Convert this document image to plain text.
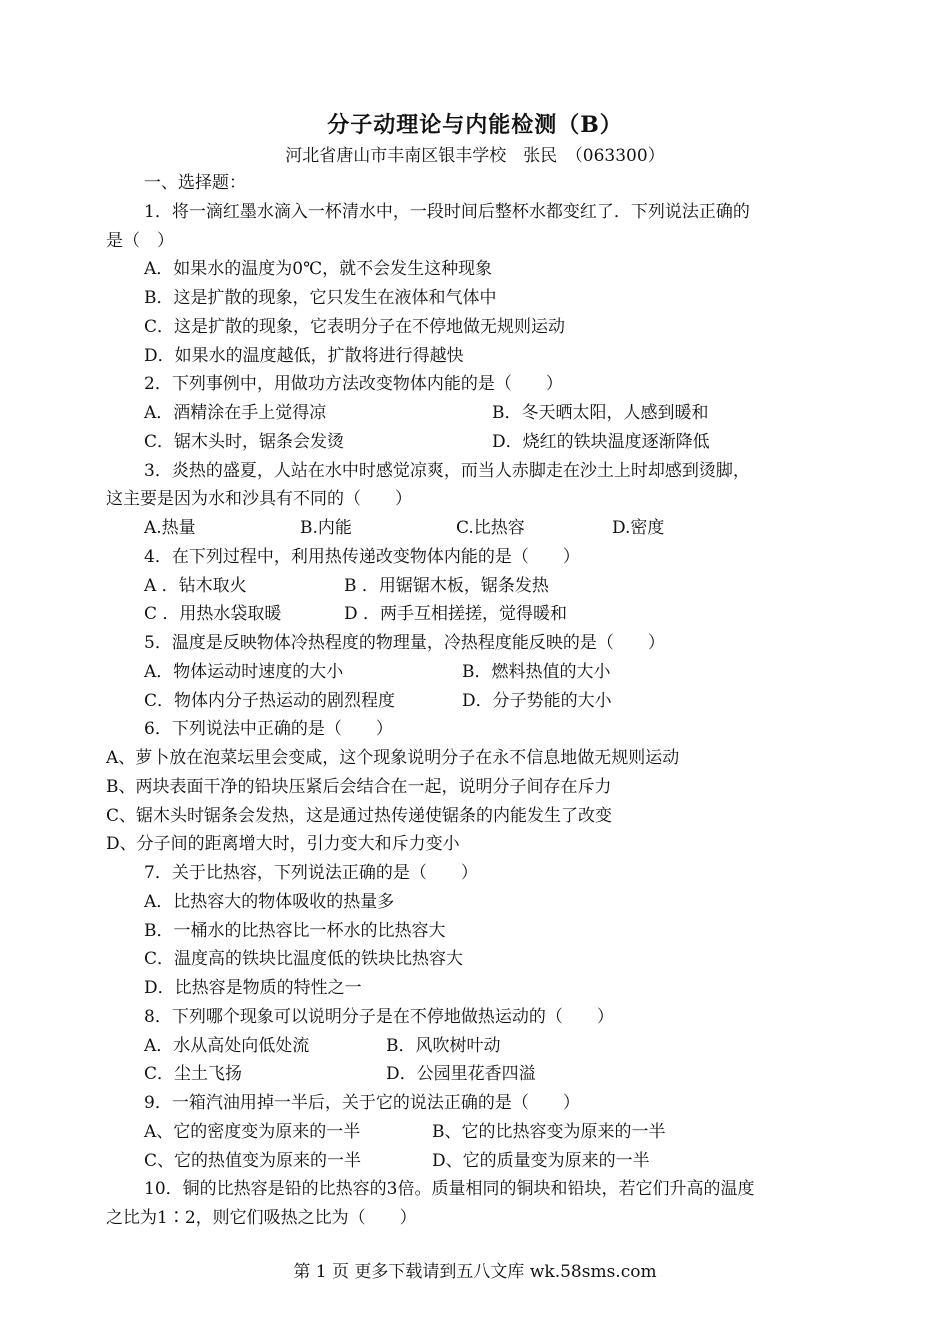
分子动理论与内能检测（B）
河北省唐山市丰南区银丰学校　张民　（063300）
一、选择题：
1．将一滴红墨水滴入一杯清水中，一段时间后整杯水都变红了．下列说法正确的
是（　）
A．如果水的温度为0℃，就不会发生这种现象
B．这是扩散的现象，它只发生在液体和气体中
C．这是扩散的现象，它表明分子在不停地做无规则运动
D．如果水的温度越低，扩散将进行得越快
2．下列事例中，用做功方法改变物体内能的是（　　）
A．酒精涂在手上觉得凉	B．冬天晒太阳，人感到暖和
C．锯木头时，锯条会发烫	D．烧红的铁块温度逐渐降低
3．炎热的盛夏，人站在水中时感觉凉爽，而当人赤脚走在沙土上时却感到烫脚，
这主要是因为水和沙具有不同的（　　）
A.热量	B.内能	C.比热容	D.密度
4．在下列过程中，利用热传递改变物体内能的是（　　）
A ．钻木取火	B ．用锯锯木板，锯条发热
C ．用热水袋取暖	D ．两手互相搓搓，觉得暖和
5．温度是反映物体冷热程度的物理量，冷热程度能反映的是（　　）
A．物体运动时速度的大小	B．燃料热值的大小
C．物体内分子热运动的剧烈程度	D．分子势能的大小
6．下列说法中正确的是（　　）
A、萝卜放在泡菜坛里会变咸，这个现象说明分子在永不信息地做无规则运动
B、两块表面干净的铅块压紧后会结合在一起，说明分子间存在斥力
C、锯木头时锯条会发热，这是通过热传递使锯条的内能发生了改变
D、分子间的距离增大时，引力变大和斥力变小
7．关于比热容，下列说法正确的是（　　）
A．比热容大的物体吸收的热量多
B．一桶水的比热容比一杯水的比热容大
C．温度高的铁块比温度低的铁块比热容大
D．比热容是物质的特性之一
8．下列哪个现象可以说明分子是在不停地做热运动的（　　）
A．水从高处向低处流	B．风吹树叶动
C．尘土飞扬	D．公园里花香四溢
9．一箱汽油用掉一半后，关于它的说法正确的是（　　）
A、它的密度变为原来的一半	B、它的比热容变为原来的一半
C、它的热值变为原来的一半	D、它的质量变为原来的一半
10．铜的比热容是铅的比热容的3倍。质量相同的铜块和铅块，若它们升高的温度
之比为1∶2，则它们吸热之比为（　　）
第 1 页 更多下载请到五八文库 wk.58sms.com
